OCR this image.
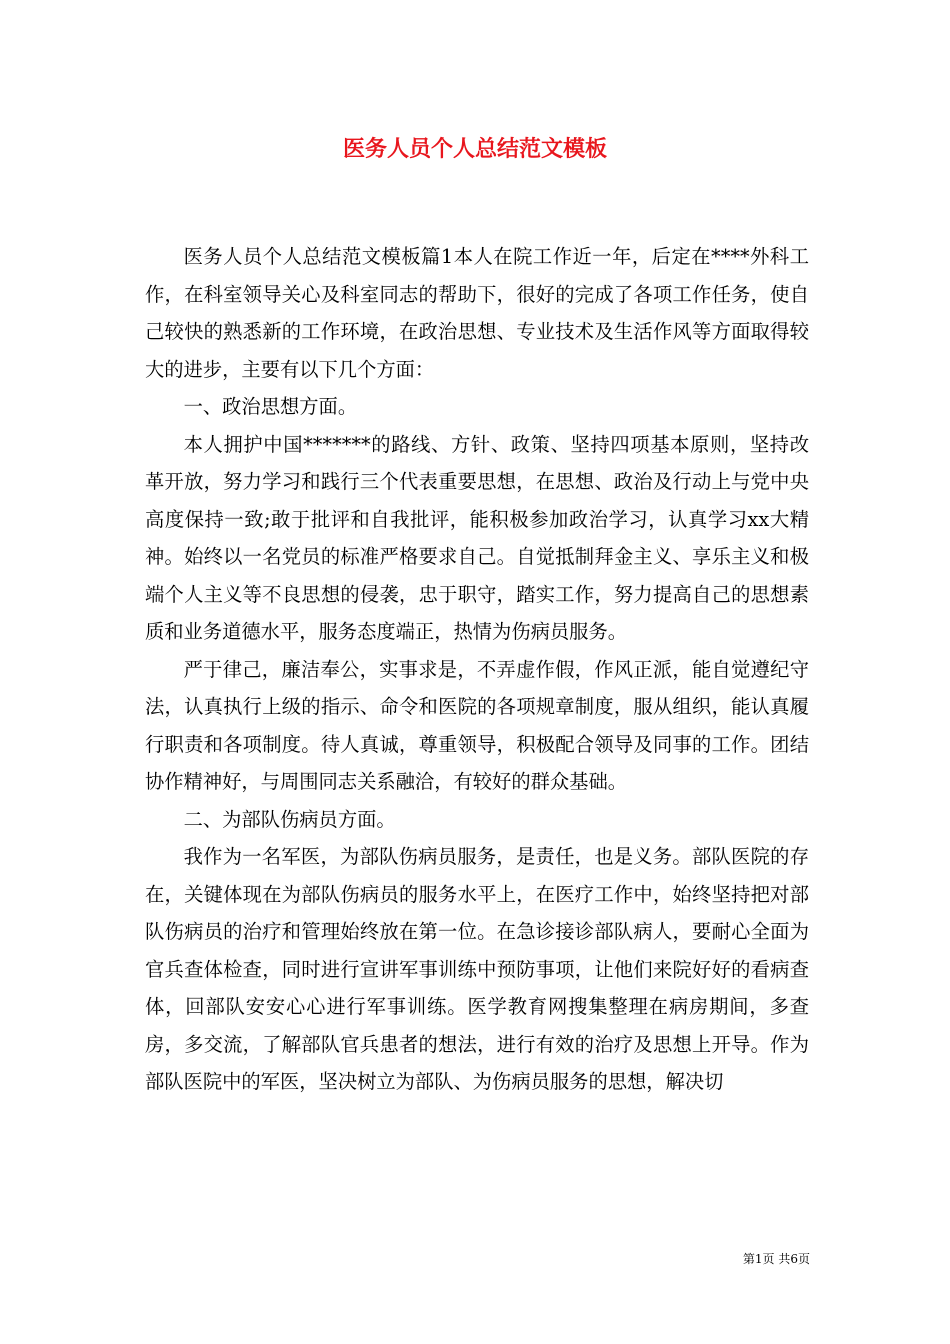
医务人员个人总结范文模板

医务人员个人总结范文模板篇1本人在院工作近一年，后定在****外科工作，在科室领导关心及科室同志的帮助下，很好的完成了各项工作任务，使自己较快的熟悉新的工作环境，在政治思想、专业技术及生活作风等方面取得较大的进步，主要有以下几个方面：

一、政治思想方面。

本人拥护中国*******的路线、方针、政策、坚持四项基本原则，坚持改革开放，努力学习和践行三个代表重要思想，在思想、政治及行动上与党中央高度保持一致;敢于批评和自我批评，能积极参加政治学习，认真学习xx大精神。始终以一名党员的标准严格要求自己。自觉抵制拜金主义、享乐主义和极端个人主义等不良思想的侵袭，忠于职守，踏实工作，努力提高自己的思想素质和业务道德水平，服务态度端正，热情为伤病员服务。

严于律己，廉洁奉公，实事求是，不弄虚作假，作风正派，能自觉遵纪守法，认真执行上级的指示、命令和医院的各项规章制度，服从组织，能认真履行职责和各项制度。待人真诚，尊重领导，积极配合领导及同事的工作。团结协作精神好，与周围同志关系融洽，有较好的群众基础。

二、为部队伤病员方面。

我作为一名军医，为部队伤病员服务，是责任，也是义务。部队医院的存在，关键体现在为部队伤病员的服务水平上，在医疗工作中，始终坚持把对部队伤病员的治疗和管理始终放在第一位。在急诊接诊部队病人，要耐心全面为官兵查体检查，同时进行宣讲军事训练中预防事项，让他们来院好好的看病查体，回部队安安心心进行军事训练。医学教育网搜集整理在病房期间，多查房，多交流，了解部队官兵患者的想法，进行有效的治疗及思想上开导。作为部队医院中的军医，坚决树立为部队、为伤病员服务的思想，解决切

第1页 共6页
